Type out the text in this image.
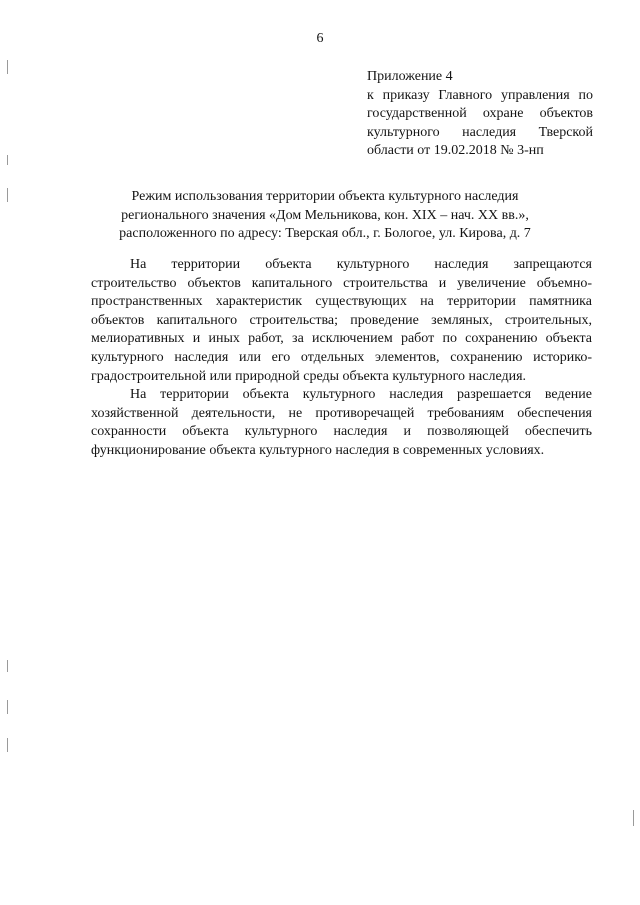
6
Приложение 4
к приказу Главного управления по
государственной охране объектов
культурного наследия Тверской
области от 19.02.2018 № 3-нп
Режим использования территории объекта культурного наследия
регионального значения «Дом Мельникова, кон. XIX – нач. XX вв.»,
расположенного по адресу: Тверская обл., г. Бологое, ул. Кирова, д. 7

На территории объекта культурного наследия запрещаются
строительство объектов капитального строительства и увеличение объемно-
пространственных характеристик существующих на территории памятника
объектов капитального строительства; проведение земляных, строительных,
мелиоративных и иных работ, за исключением работ по сохранению объекта
культурного наследия или его отдельных элементов, сохранению историко-
градостроительной или природной среды объекта культурного наследия.

На территории объекта культурного наследия разрешается ведение
хозяйственной деятельности, не противоречащей требованиям обеспечения
сохранности объекта культурного наследия и позволяющей обеспечить
функционирование объекта культурного наследия в современных условиях.
